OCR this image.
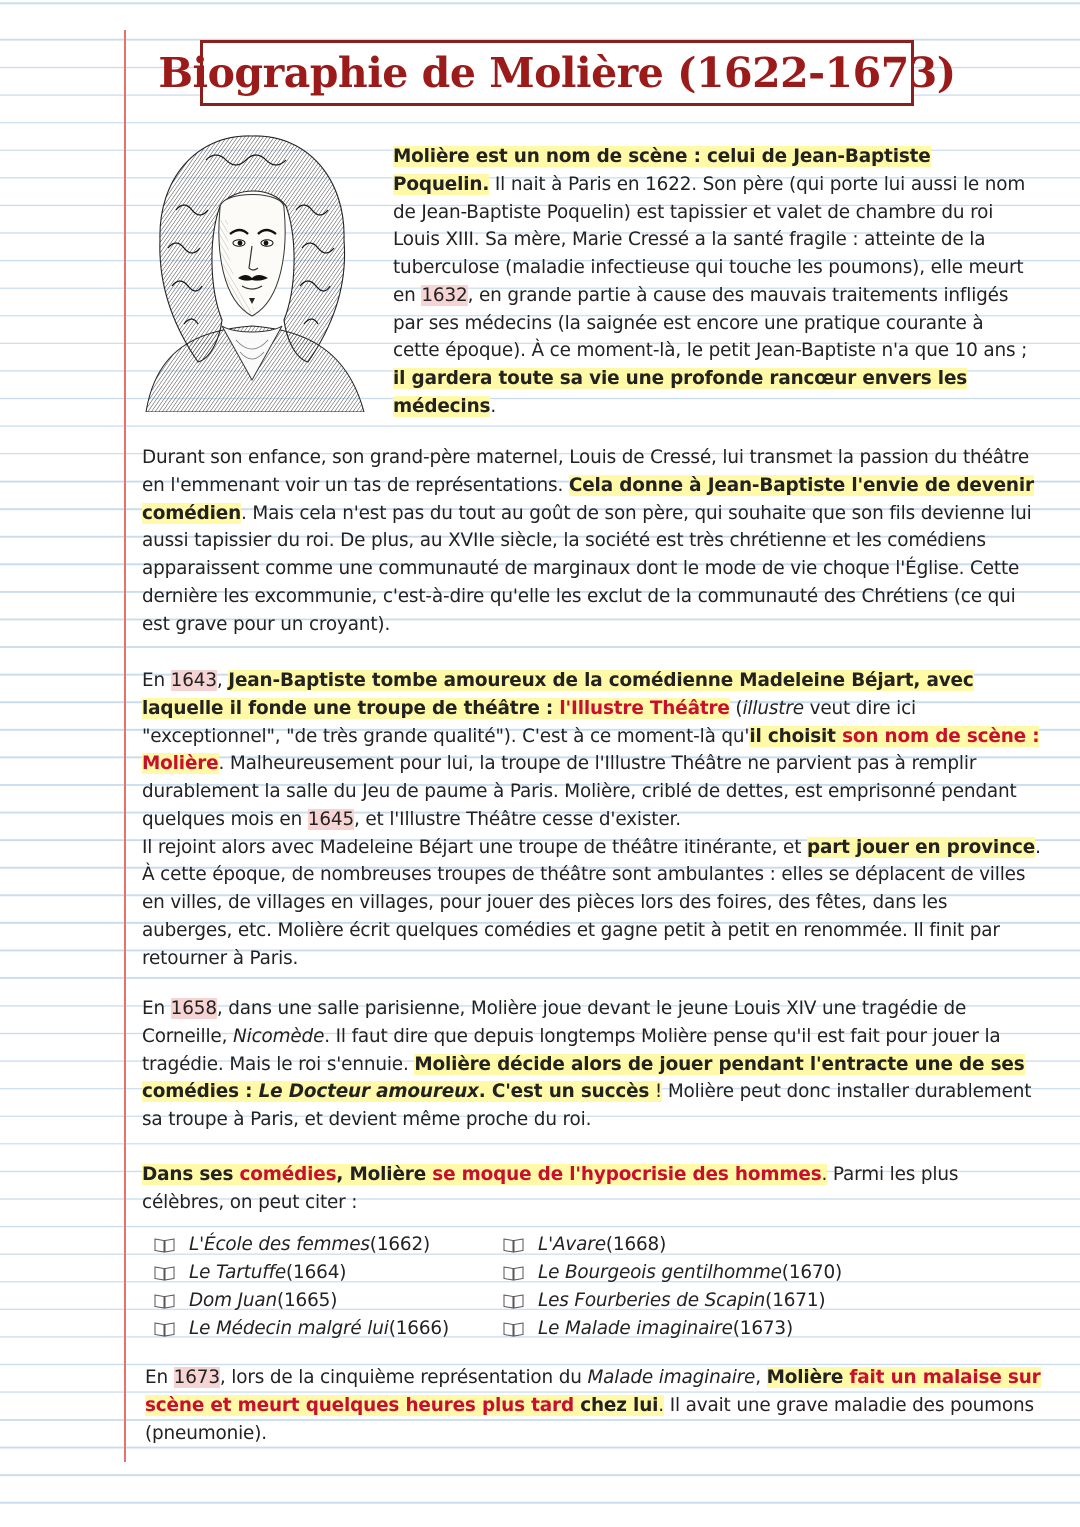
Biographie de Molière (1622-1673)

Molière est un nom de scène : celui de Jean-Baptiste Poquelin. Il nait à Paris en 1622. Son père (qui porte lui aussi le nom de Jean-Baptiste Poquelin) est tapissier et valet de chambre du roi Louis XIII. Sa mère, Marie Cressé a la santé fragile : atteinte de la tuberculose (maladie infectieuse qui touche les poumons), elle meurt en 1632, en grande partie à cause des mauvais traitements infligés par ses médecins (la saignée est encore une pratique courante à cette époque). À ce moment-là, le petit Jean-Baptiste n'a que 10 ans ; il gardera toute sa vie une profonde rancœur envers les médecins.

Durant son enfance, son grand-père maternel, Louis de Cressé, lui transmet la passion du théâtre en l'emmenant voir un tas de représentations. Cela donne à Jean-Baptiste l'envie de devenir comédien. Mais cela n'est pas du tout au goût de son père, qui souhaite que son fils devienne lui aussi tapissier du roi. De plus, au XVIIe siècle, la société est très chrétienne et les comédiens apparaissent comme une communauté de marginaux dont le mode de vie choque l'Église. Cette dernière les excommunie, c'est-à-dire qu'elle les exclut de la communauté des Chrétiens (ce qui est grave pour un croyant).

En 1643, Jean-Baptiste tombe amoureux de la comédienne Madeleine Béjart, avec laquelle il fonde une troupe de théâtre : l'Illustre Théâtre (illustre veut dire ici "exceptionnel", "de très grande qualité"). C'est à ce moment-là qu'il choisit son nom de scène : Molière. Malheureusement pour lui, la troupe de l'Illustre Théâtre ne parvient pas à remplir durablement la salle du Jeu de paume à Paris. Molière, criblé de dettes, est emprisonné pendant quelques mois en 1645, et l'Illustre Théâtre cesse d'exister.
Il rejoint alors avec Madeleine Béjart une troupe de théâtre itinérante, et part jouer en province. À cette époque, de nombreuses troupes de théâtre sont ambulantes : elles se déplacent de villes en villes, de villages en villages, pour jouer des pièces lors des foires, des fêtes, dans les auberges, etc. Molière écrit quelques comédies et gagne petit à petit en renommée. Il finit par retourner à Paris.

En 1658, dans une salle parisienne, Molière joue devant le jeune Louis XIV une tragédie de Corneille, Nicomède. Il faut dire que depuis longtemps Molière pense qu'il est fait pour jouer la tragédie. Mais le roi s'ennuie. Molière décide alors de jouer pendant l'entracte une de ses comédies : Le Docteur amoureux. C'est un succès ! Molière peut donc installer durablement sa troupe à Paris, et devient même proche du roi.

Dans ses comédies, Molière se moque de l'hypocrisie des hommes. Parmi les plus célèbres, on peut citer :

L'École des femmes (1662)
Le Tartuffe (1664)
Dom Juan (1665)
Le Médecin malgré lui (1666)
L'Avare (1668)
Le Bourgeois gentilhomme (1670)
Les Fourberies de Scapin (1671)
Le Malade imaginaire (1673)

En 1673, lors de la cinquième représentation du Malade imaginaire, Molière fait un malaise sur scène et meurt quelques heures plus tard chez lui. Il avait une grave maladie des poumons (pneumonie).
